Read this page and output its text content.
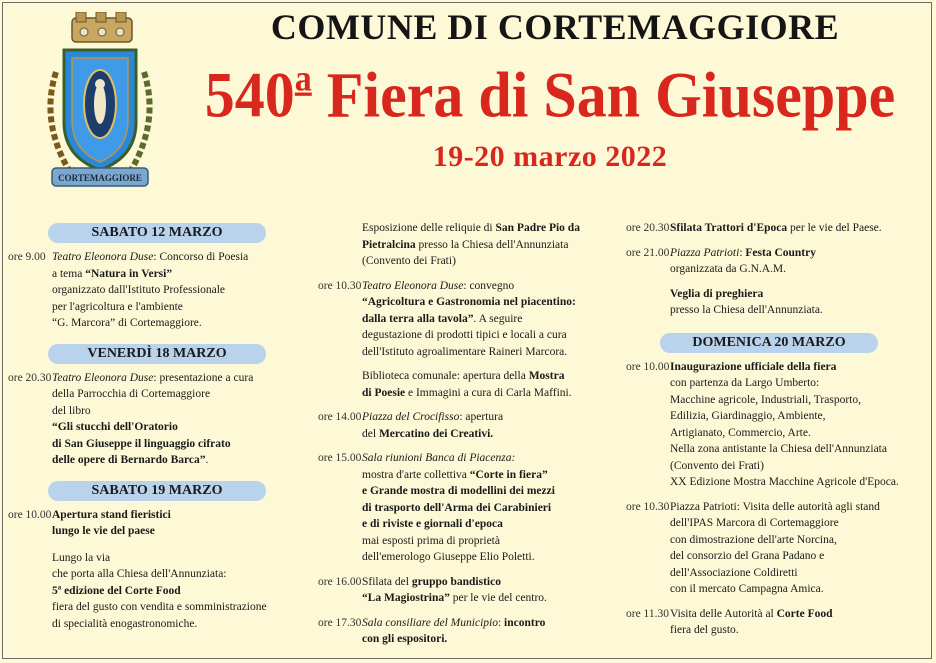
CORTEMAGGIORE
COMUNE DI CORTEMAGGIORE
540$^a$ Fiera di San Giuseppe
19-20 marzo 2022
SABATO 12 MARZO
ore 9.00 Teatro Eleonora Duse: Concorso di Poesia
a tema “Natura in Versi”
organizzato dall'Istituto Professionale
per l'agricoltura e l'ambiente
“G. Marcora” di Cortemaggiore.
VENERDÌ 18 MARZO
ore 20.30 Teatro Eleonora Duse: presentazione a cura
della Parrocchia di Cortemaggiore
del libro
“Gli stucchi dell'Oratorio
di San Giuseppe il linguaggio cifrato
delle opere di Bernardo Barca”.
SABATO 19 MARZO
ore 10.00 Apertura stand fieristici
lungo le vie del paese
Lungo la via
che porta alla Chiesa dell'Annunziata:
5ª edizione del Corte Food
fiera del gusto con vendita e somministrazione
di specialità enogastronomiche.
Esposizione delle reliquie di San Padre Pio da
Pietralcina presso la Chiesa dell'Annunziata
(Convento dei Frati)
ore 10.30 Teatro Eleonora Duse: convegno
“Agricoltura e Gastronomia nel piacentino:
dalla terra alla tavola”. A seguire
degustazione di prodotti tipici e locali a cura
dell'Istituto agroalimentare Raineri Marcora.
Biblioteca comunale: apertura della Mostra
di Poesie e Immagini a cura di Carla Maffini.
ore 14.00 Piazza del Crocifisso: apertura
del Mercatino dei Creativi.
ore 15.00 Sala riunioni Banca di Piacenza:
mostra d'arte collettiva “Corte in fiera”
e Grande mostra di modellini dei mezzi
di trasporto dell'Arma dei Carabinieri
e di riviste e giornali d'epoca
mai esposti prima di proprietà
dell'emerologo Giuseppe Elio Poletti.
ore 16.00 Sfilata del gruppo bandistico
“La Magiostrina” per le vie del centro.
ore 17.30 Sala consiliare del Municipio: incontro
con gli espositori.
ore 20.30 Sfilata Trattori d'Epoca per le vie del Paese.
ore 21.00 Piazza Patrioti: Festa Country
organizzata da G.N.A.M.
Veglia di preghiera
presso la Chiesa dell'Annunziata.
DOMENICA 20 MARZO
ore 10.00 Inaugurazione ufficiale della fiera
con partenza da Largo Umberto:
Macchine agricole, Industriali, Trasporto,
Edilizia, Giardinaggio, Ambiente,
Artigianato, Commercio, Arte.
Nella zona antistante la Chiesa dell'Annunziata
(Convento dei Frati)
XX Edizione Mostra Macchine Agricole d'Epoca.
ore 10.30 Piazza Patrioti: Visita delle autorità agli stand
dell'IPAS Marcora di Cortemaggiore
con dimostrazione dell'arte Norcina,
del consorzio del Grana Padano e
dell'Associazione Coldiretti
con il mercato Campagna Amica.
ore 11.30 Visita delle Autorità al Corte Food
fiera del gusto.
